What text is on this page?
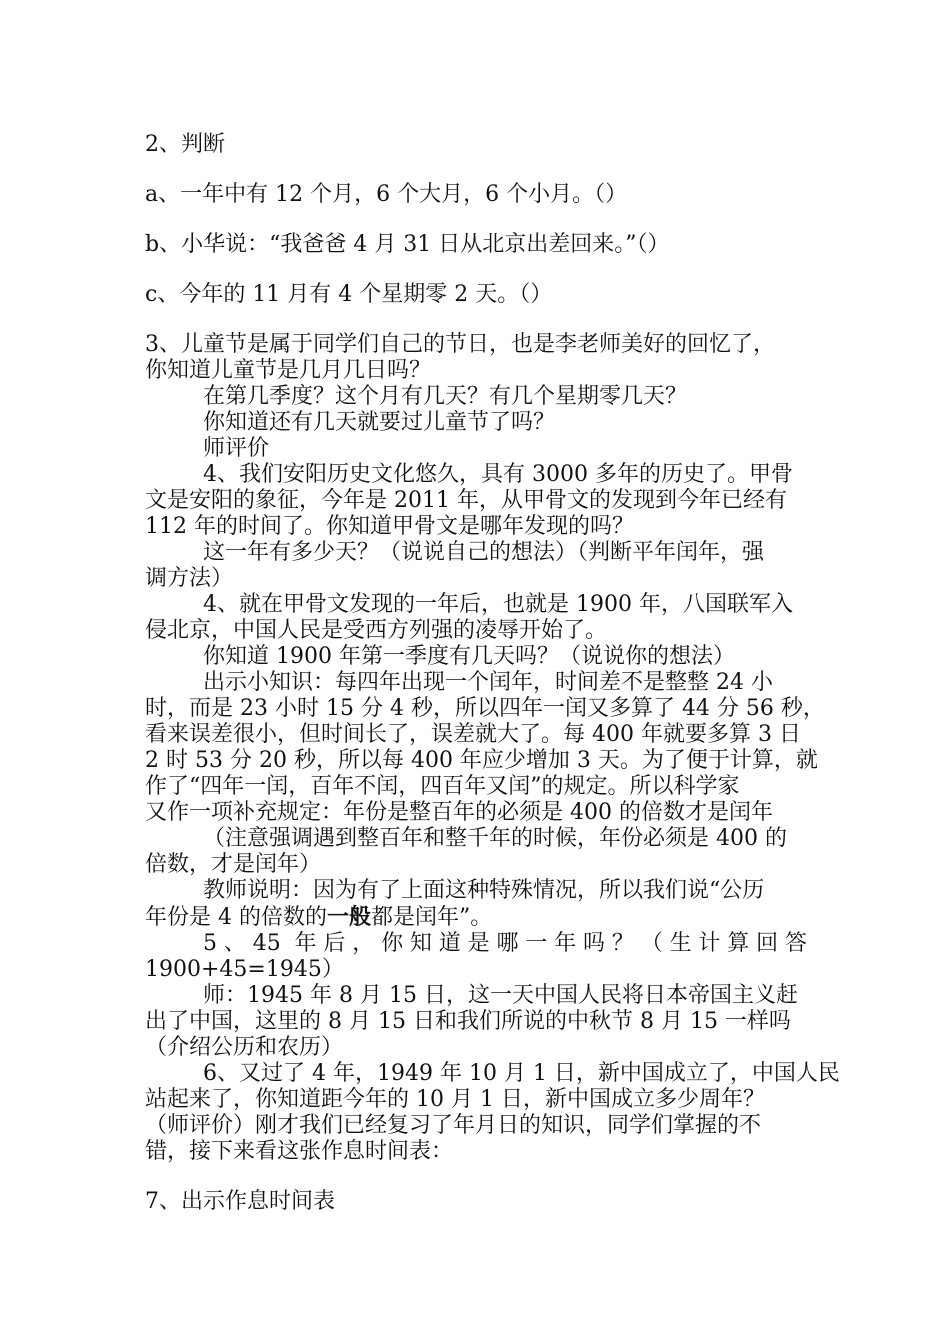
2、判断

a、一年中有 12 个月，6 个大月，6 个小月。（）

b、小华说：“我爸爸 4 月 31 日从北京出差回来。”（）

c、今年的 11 月有 4 个星期零 2 天。（）

3、儿童节是属于同学们自己的节日，也是李老师美好的回忆了，
你知道儿童节是几月几日吗？

在第几季度？这个月有几天？有几个星期零几天？

你知道还有几天就要过儿童节了吗？

师评价

4、我们安阳历史文化悠久，具有 3000 多年的历史了。甲骨
文是安阳的象征，今年是 2011 年，从甲骨文的发现到今年已经有
112 年的时间了。你知道甲骨文是哪年发现的吗？

这一年有多少天？（说说自己的想法）（判断平年闰年，强
调方法）

4、就在甲骨文发现的一年后，也就是 1900 年，八国联军入
侵北京，中国人民是受西方列强的凌辱开始了。

你知道 1900 年第一季度有几天吗？（说说你的想法）

出示小知识：每四年出现一个闰年，时间差不是整整 24 小
时，而是 23 小时 15 分 4 秒，所以四年一闰又多算了 44 分 56 秒，
看来误差很小，但时间长了，误差就大了。每 400 年就要多算 3 日
2 时 53 分 20 秒，所以每 400 年应少增加 3 天。为了便于计算，就
作了“四年一闰，百年不闰，四百年又闰”的规定。所以科学家
又作一项补充规定：年份是整百年的必须是 400 的倍数才是闰年

（注意强调遇到整百年和整千年的时候，年份必须是 400 的
倍数，才是闰年）

教师说明：因为有了上面这种特殊情况，所以我们说“公历
年份是 4 的倍数的一般都是闰年”。

5、45 年后，你知道是哪一年吗？（生计算回答
1900+45=1945）

师：1945 年 8 月 15 日，这一天中国人民将日本帝国主义赶
出了中国，这里的 8 月 15 日和我们所说的中秋节 8 月 15 一样吗
（介绍公历和农历）

6、又过了 4 年，1949 年 10 月 1 日，新中国成立了，中国人民
站起来了，你知道距今年的 10 月 1 日，新中国成立多少周年？
（师评价）刚才我们已经复习了年月日的知识，同学们掌握的不
错，接下来看这张作息时间表：

7、出示作息时间表
